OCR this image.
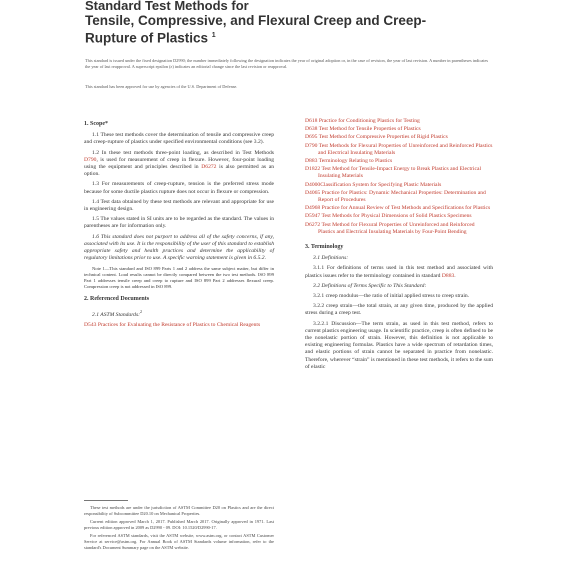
Standard Test Methods for
Tensile, Compressive, and Flexural Creep and Creep-
Rupture of Plastics $^1$
This standard is issued under the fixed designation D2990; the number immediately following the designation indicates the year of original adoption or, in the case of revision, the year of last revision. A number in parentheses indicates the year of last reapproval. A superscript epsilon (ε) indicates an editorial change since the last revision or reapproval.
This standard has been approved for use by agencies of the U.S. Department of Defense.
1. Scope*
1.1 These test methods cover the determination of tensile and compressive creep and creep-rupture of plastics under specified environmental conditions (see 3.2).
1.2 In these test methods three-point loading, as described in Test Methods D790, is used for measurement of creep in flexure. However, four-point loading using the equipment and principles described in D6272 is also permitted as an option.
1.3 For measurements of creep-rupture, tension is the preferred stress mode because for some ductile plastics rupture does not occur in flexure or compression.
1.4 Test data obtained by these test methods are relevant and appropriate for use in engineering design.
1.5 The values stated in SI units are to be regarded as the standard. The values in parentheses are for information only.
1.6 This standard does not purport to address all of the safety concerns, if any, associated with its use. It is the responsibility of the user of this standard to establish appropriate safety and health practices and determine the applicability of regulatory limitations prior to use. A specific warning statement is given in 6.5.2.
Note 1—This standard and ISO 899 Parts 1 and 2 address the same subject matter, but differ in technical content. Load results cannot be directly compared between the two test methods. ISO 899 Part 1 addresses tensile creep and creep to rupture and ISO 899 Part 2 addresses flexural creep. Compression creep is not addressed in ISO 899.
2. Referenced Documents
2.1 ASTM Standards:$^2$
D543 Practices for Evaluating the Resistance of Plastics to Chemical Reagents
These test methods are under the jurisdiction of ASTM Committee D20 on Plastics and are the direct responsibility of Subcommittee D20.10 on Mechanical Properties.
Current edition approved March 1, 2017. Published March 2017. Originally approved in 1971. Last previous edition approved in 2009 as D2990 - 09. DOI: 10.1520/D2990-17.
For referenced ASTM standards, visit the ASTM website, www.astm.org, or contact ASTM Customer Service at service@astm.org. For Annual Book of ASTM Standards volume information, refer to the standard's Document Summary page on the ASTM website.
D618 Practice for Conditioning Plastics for Testing
D638 Test Method for Tensile Properties of Plastics
D695 Test Method for Compressive Properties of Rigid Plastics
D790 Test Methods for Flexural Properties of Unreinforced and Reinforced Plastics and Electrical Insulating Materials
D883 Terminology Relating to Plastics
D1822 Test Method for Tensile-Impact Energy to Break Plastics and Electrical Insulating Materials
D4000Classification System for Specifying Plastic Materials
D4065 Practice for Plastics: Dynamic Mechanical Properties: Determination and Report of Procedures
D4968 Practice for Annual Review of Test Methods and Specifications for Plastics
D5947 Test Methods for Physical Dimensions of Solid Plastics Specimens
D6272 Test Method for Flexural Properties of Unreinforced and Reinforced Plastics and Electrical Insulating Materials by Four-Point Bending
3. Terminology
3.1 Definitions:
3.1.1 For definitions of terms used in this test method and associated with plastics issues refer to the terminology contained in standard D883.
3.2 Definitions of Terms Specific to This Standard:
3.2.1 creep modulus—the ratio of initial applied stress to creep strain.
3.2.2 creep strain—the total strain, at any given time, produced by the applied stress during a creep test.
3.2.2.1 Discussion—The term strain, as used in this test method, refers to current plastics engineering usage. In scientific practice, creep is often defined to be the nonelastic portion of strain. However, this definition is not applicable to existing engineering formulas. Plastics have a wide spectrum of retardation times, and elastic portions of strain cannot be separated in practice from nonelastic. Therefore, wherever “strain” is mentioned in these test methods, it refers to the sum of elastic
